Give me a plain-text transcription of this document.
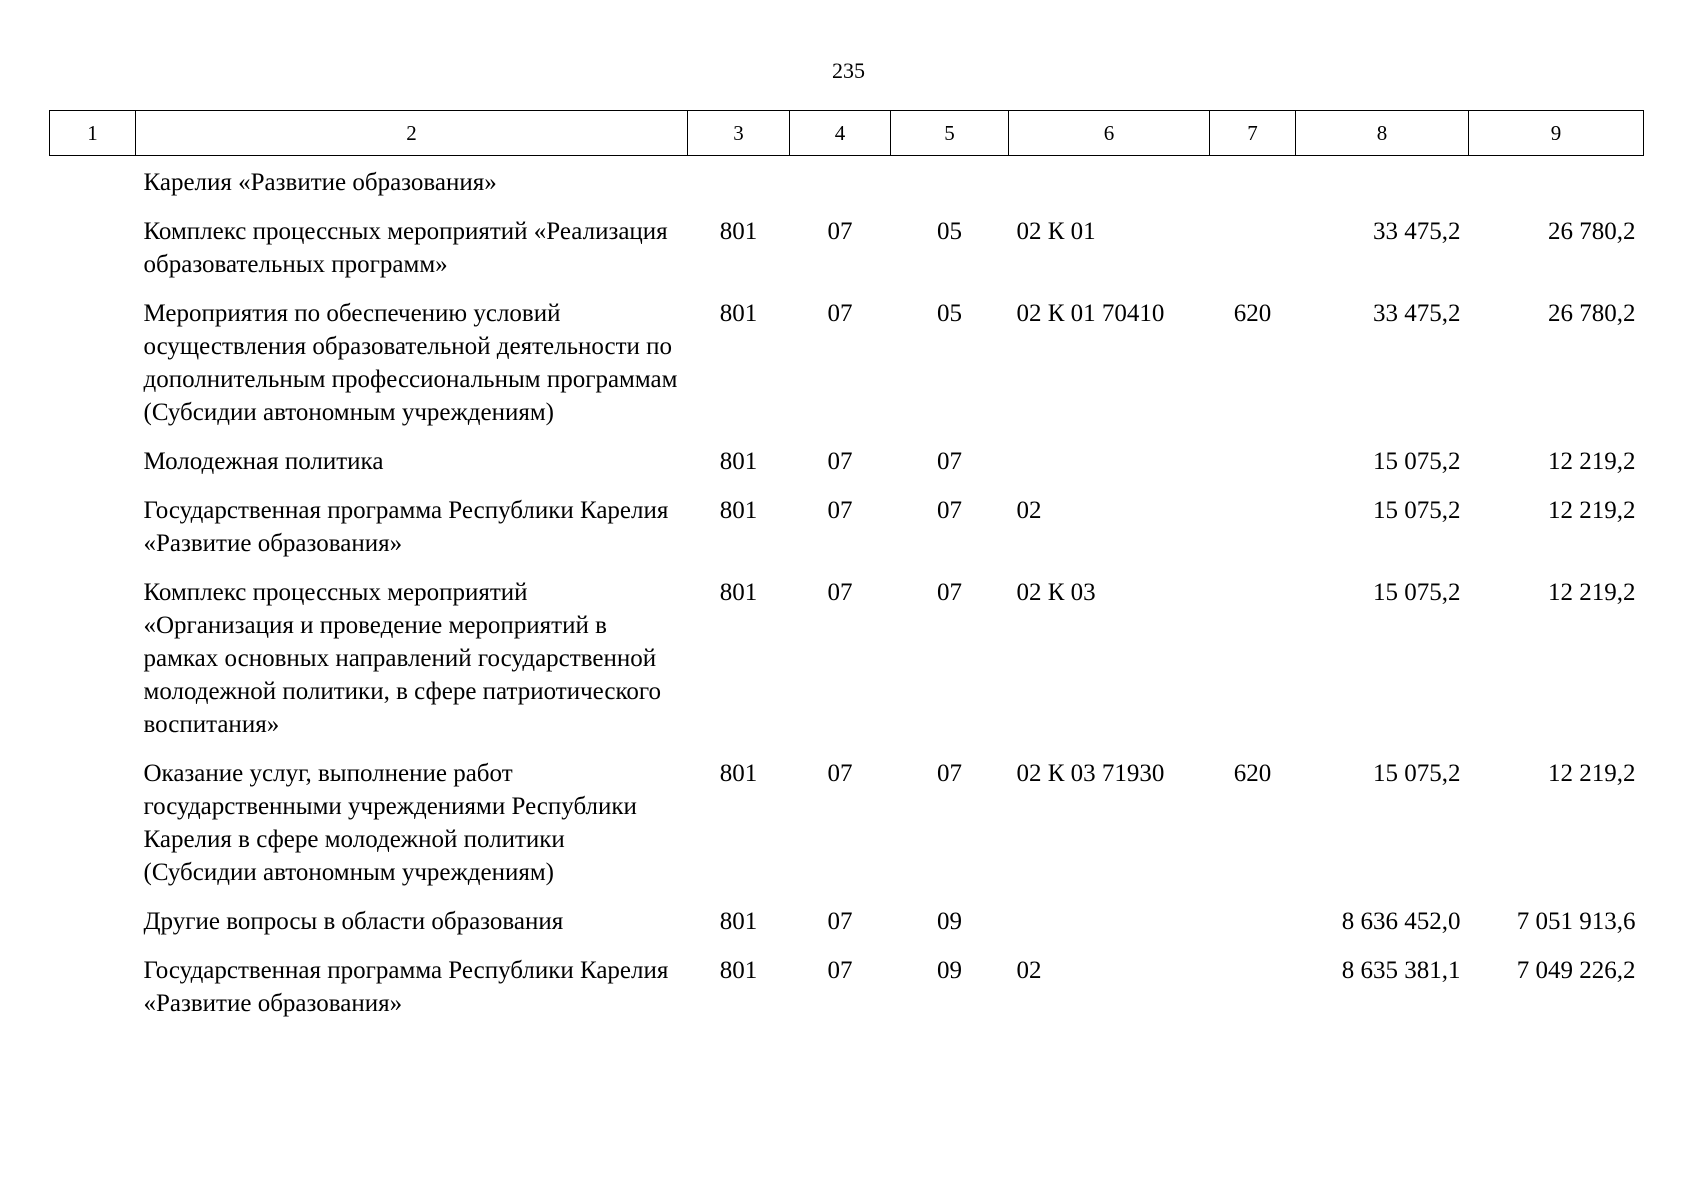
235
1	2	3	4	5	6	7	8	9
	Карелия «Развитие образования»							
	Комплекс процессных мероприятий «Реализация образовательных программ»	801	07	05	02 К 01		33 475,2	26 780,2
	Мероприятия по обеспечению условий осуществления образовательной деятельности по дополнительным профессиональным программам (Субсидии автономным учреждениям)	801	07	05	02 К 01 70410	620	33 475,2	26 780,2
	Молодежная политика	801	07	07			15 075,2	12 219,2
	Государственная программа Республики Карелия «Развитие образования»	801	07	07	02		15 075,2	12 219,2
	Комплекс процессных мероприятий «Организация и проведение мероприятий в рамках основных направлений государственной молодежной политики, в сфере патриотического воспитания»	801	07	07	02 К 03		15 075,2	12 219,2
	Оказание услуг, выполнение работ государственными учреждениями Республики Карелия в сфере молодежной политики (Субсидии автономным учреждениям)	801	07	07	02 К 03 71930	620	15 075,2	12 219,2
	Другие вопросы в области образования	801	07	09			8 636 452,0	7 051 913,6
	Государственная программа Республики Карелия «Развитие образования»	801	07	09	02		8 635 381,1	7 049 226,2
